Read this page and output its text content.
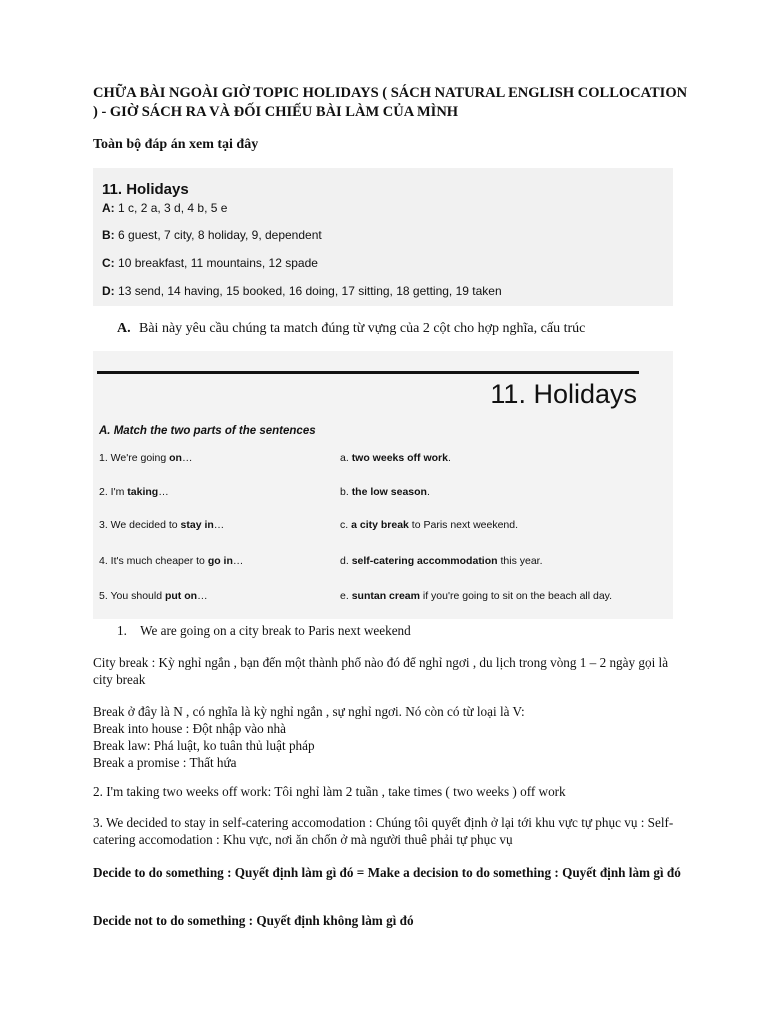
CHỮA BÀI NGOÀI GIỜ TOPIC HOLIDAYS ( SÁCH NATURAL ENGLISH COLLOCATION ) - GIỜ SÁCH RA VÀ ĐỐI CHIẾU BÀI LÀM CỦA MÌNH
Toàn bộ đáp án xem tại đây
11. Holidays
A: 1 c, 2 a, 3 d, 4 b, 5 e
B: 6 guest, 7 city, 8 holiday, 9, dependent
C: 10 breakfast, 11 mountains, 12 spade
D: 13 send, 14 having, 15 booked, 16 doing, 17 sitting, 18 getting, 19 taken
A. Bài này yêu cầu chúng ta match đúng từ vựng của 2 cột cho hợp nghĩa, cấu trúc
11. Holidays
A. Match the two parts of the sentences
1. We're going on…	a. two weeks off work.
2. I'm taking…	b. the low season.
3. We decided to stay in…	c. a city break to Paris next weekend.
4. It's much cheaper to go in…	d. self-catering accommodation this year.
5. You should put on…	e. suntan cream if you're going to sit on the beach all day.
1.    We are going on a city break to Paris next weekend
City break : Kỳ nghỉ ngắn , bạn đến một thành phố nào đó để nghỉ ngơi , du lịch trong vòng 1 – 2 ngày gọi là city break
Break ở đây là N , có nghĩa là kỳ nghỉ ngắn , sự nghỉ ngơi. Nó còn có từ loại là V:
Break into house : Đột nhập vào nhà
Break law: Phá luật, ko tuân thủ luật pháp
Break a promise : Thất hứa
2. I'm taking two weeks off work: Tôi nghỉ làm 2 tuần , take times ( two weeks ) off work
3. We decided to stay in self-catering accomodation : Chúng tôi quyết định ở lại tới khu vực tự phục vụ : Self-catering accomodation : Khu vực, nơi ăn chốn ở mà người thuê phải tự phục vụ
Decide to do something : Quyết định làm gì đó = Make a decision to do something : Quyết định làm gì đó
Decide not to do something : Quyết định không làm gì đó
